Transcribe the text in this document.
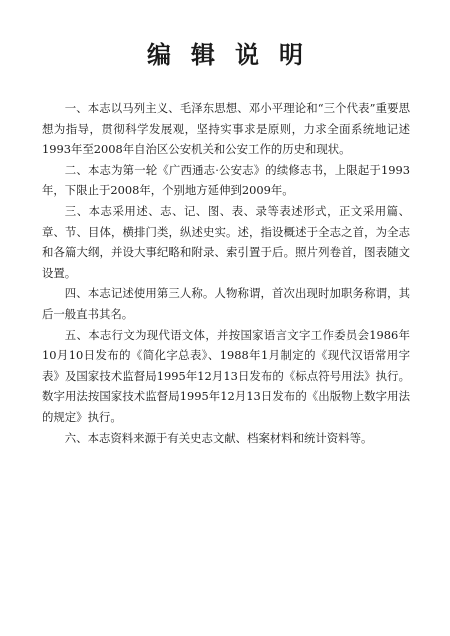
编辑说明

一、本志以马列主义、毛泽东思想、邓小平理论和“三个代表”重要思想为指导，贯彻科学发展观，坚持实事求是原则，力求全面系统地记述1993年至2008年自治区公安机关和公安工作的历史和现状。

二、本志为第一轮《广西通志·公安志》的续修志书，上限起于1993年，下限止于2008年，个别地方延伸到2009年。

三、本志采用述、志、记、图、表、录等表述形式，正文采用篇、章、节、目体，横排门类，纵述史实。述，指设概述于全志之首，为全志和各篇大纲，并设大事纪略和附录、索引置于后。照片列卷首，图表随文设置。

四、本志记述使用第三人称。人物称谓，首次出现时加职务称谓，其后一般直书其名。

五、本志行文为现代语文体，并按国家语言文字工作委员会1986年10月10日发布的《简化字总表》、1988年1月制定的《现代汉语常用字表》及国家技术监督局1995年12月13日发布的《标点符号用法》执行。数字用法按国家技术监督局1995年12月13日发布的《出版物上数字用法的规定》执行。

六、本志资料来源于有关史志文献、档案材料和统计资料等。
